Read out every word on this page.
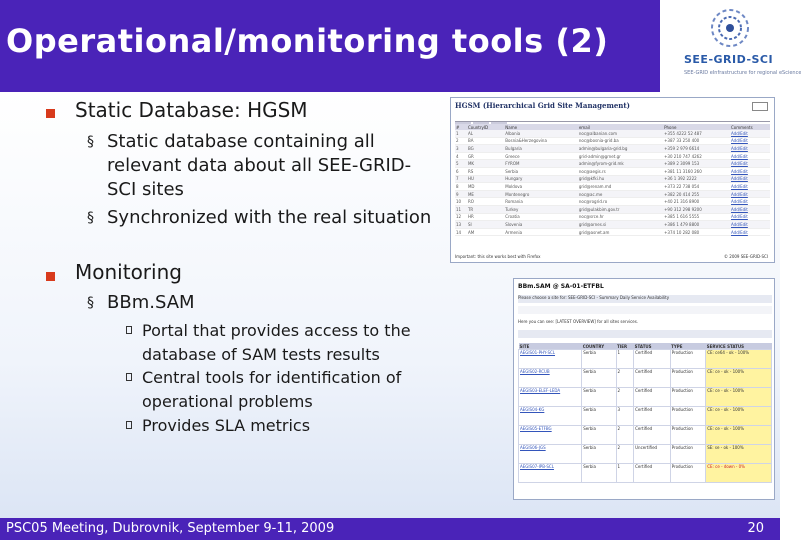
Operational/monitoring tools (2)	SEE-GRID-SCI
SEE-GRID eInfrastructure for regional eScience
Static Database: HGSM
§ Static database containing all relevant data about all SEE-GRID-SCI sites
§ Synchronized with the real situation
Monitoring
§ BBm.SAM
Portal that provides access to the database of SAM tests results
Central tools for identification of operational problems
Provides SLA metrics
HGSM (Hierarchical Grid Site Management)
#	CountryID	Name	email	Phone	Comments
1	AL	Albania	noc@albanian.com	+355 4222 52 487	Add/Edit
2	BA	Bosnia&Herzegovina	noc@bosnia-grid.ba	+387 33 250 400	Add/Edit
3	BG	Bulgaria	admin@bulgaria-grid.bg	+359 2 979 6614	Add/Edit
4	GR	Greece	grid-admin@grnet.gr	+30 210 747 4262	Add/Edit
5	MK	FYROM	admin@fyrom-grid.mk	+389 2 3099 153	Add/Edit
6	RS	Serbia	noc@aegis.rs	+381 11 3160 260	Add/Edit
7	HU	Hungary	grid@kfki.hu	+36 1 392 2222	Add/Edit
8	MD	Moldova	grid@renam.md	+373 22 738 054	Add/Edit
9	ME	Montenegro	noc@ac.me	+382 20 414 255	Add/Edit
10	RO	Romania	noc@rogrid.ro	+40 21 316 8900	Add/Edit
11	TR	Turkey	grid@ulakbim.gov.tr	+90 312 298 9200	Add/Edit
12	HR	Croatia	noc@srce.hr	+385 1 616 5555	Add/Edit
13	SI	Slovenia	grid@arnes.si	+386 1 479 8800	Add/Edit
14	AM	Armenia	grid@asnet.am	+374 10 282 080	Add/Edit
Important: this site works best with Firefox	© 2009 SEE-GRID-SCI
BBm.SAM @ SA-01-ETFBL
Please choose a site for: SEE-GRID-SCI - Summary Daily Service Availability
Here you can see: [LATEST OVERVIEW] for all sites services.
SITE	COUNTRY	TIER	STATUS	TYPE	SERVICE STATUS
AEGIS01-PHY-SCL	Serbia	1	Certified	Production	CE: ce64 - ok - 100%
AEGIS02-RCUB	Serbia	2	Certified	Production	CE: ce - ok - 100%
AEGIS03-ELEF-LEDA	Serbia	2	Certified	Production	CE: ce - ok - 100%
AEGIS04-KG	Serbia	3	Certified	Production	CE: ce - ok - 100%
AEGIS05-ETFBG	Serbia	2	Certified	Production	CE: ce - ok - 100%
AEGIS06-JGS	Serbia	2	Uncertified	Production	SE: se - ok - 100%
AEGIS07-IPB-SCL	Serbia	1	Certified	Production	CE: ce - down - 0%
PSC05 Meeting, Dubrovnik, September 9-11, 2009	20
